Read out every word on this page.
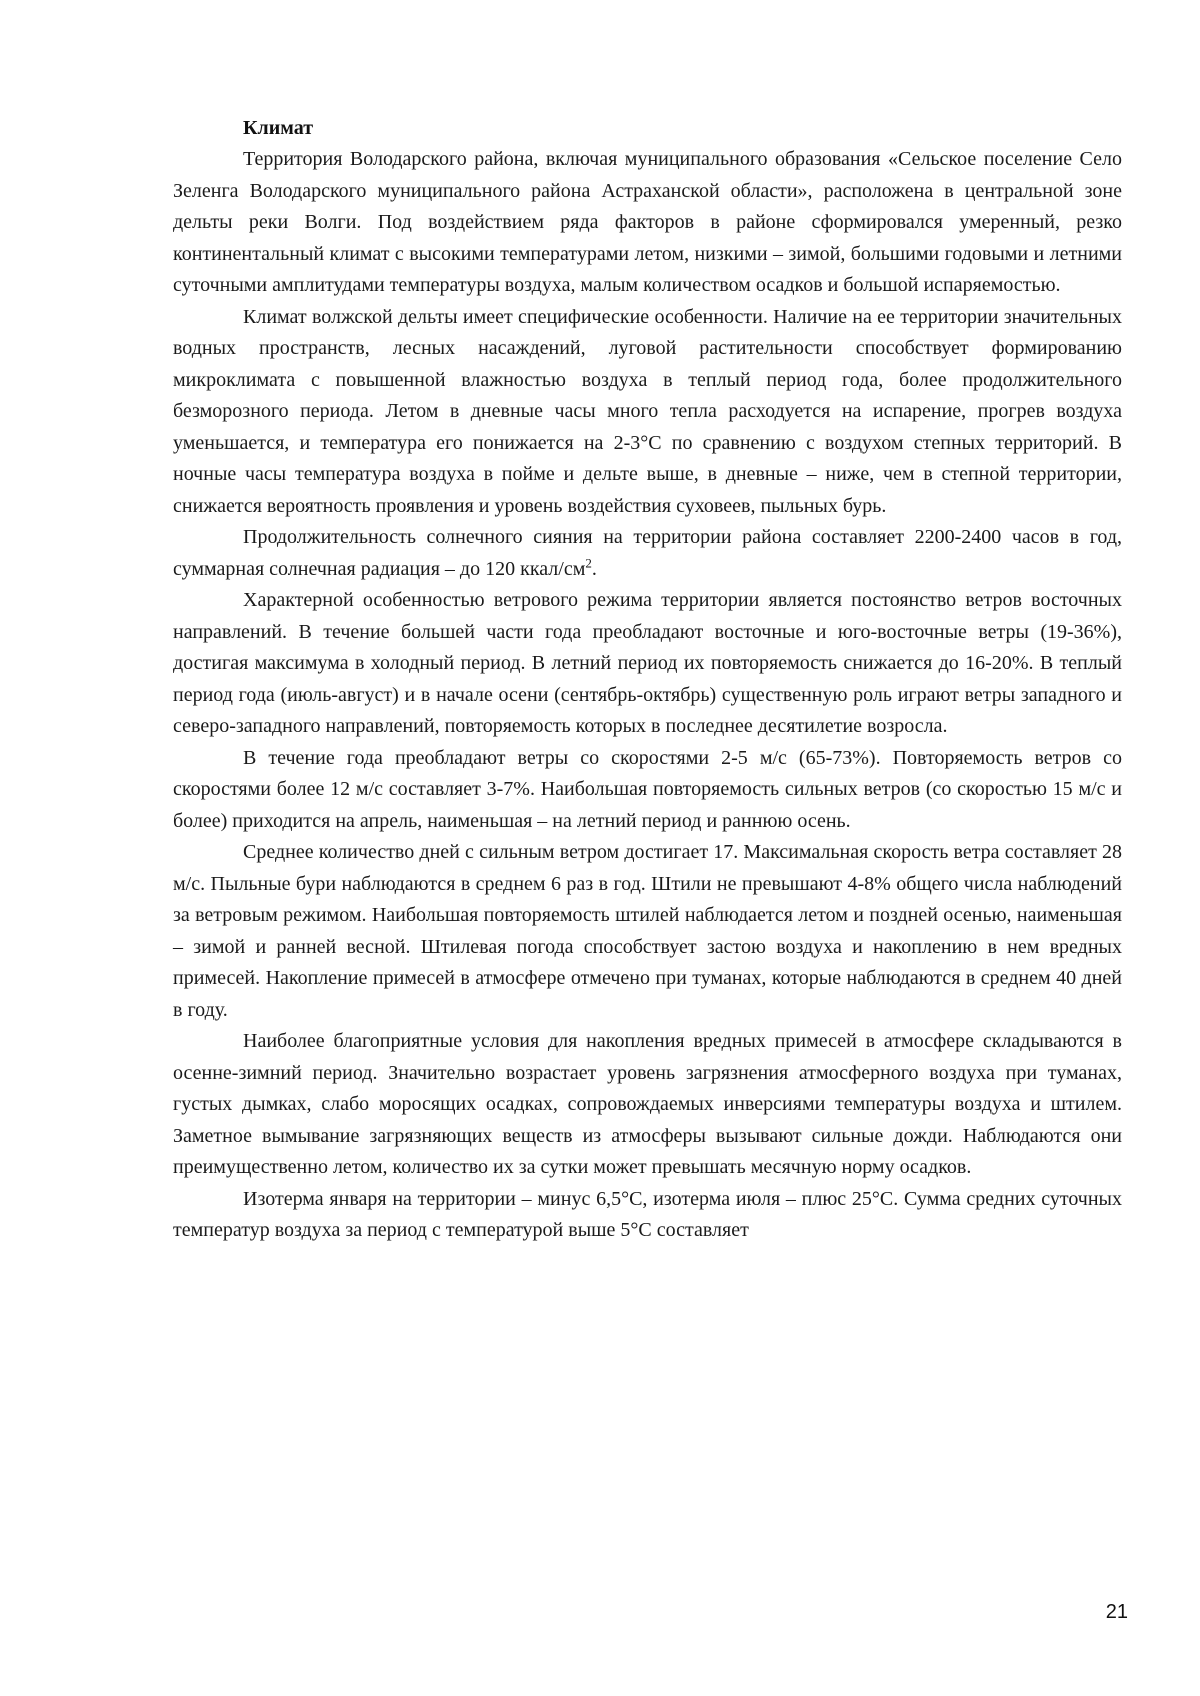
Климат

Территория Володарского района, включая муниципального образования «Сельское поселение Село Зеленга Володарского муниципального района Астраханской области», расположена в центральной зоне дельты реки Волги. Под воздействием ряда факторов в районе сформировался умеренный, резко континентальный климат с высокими температурами летом, низкими – зимой, большими годовыми и летними суточными амплитудами температуры воздуха, малым количеством осадков и большой испаряемостью.

Климат волжской дельты имеет специфические особенности. Наличие на ее территории значительных водных пространств, лесных насаждений, луговой растительности способствует формированию микроклимата с повышенной влажностью воздуха в теплый период года, более продолжительного безморозного периода. Летом в дневные часы много тепла расходуется на испарение, прогрев воздуха уменьшается, и температура его понижается на 2-3°С по сравнению с воздухом степных территорий. В ночные часы температура воздуха в пойме и дельте выше, в дневные – ниже, чем в степной территории, снижается вероятность проявления и уровень воздействия суховеев, пыльных бурь.

Продолжительность солнечного сияния на территории района составляет 2200-2400 часов в год, суммарная солнечная радиация – до 120 ккал/$см^2$.

Характерной особенностью ветрового режима территории является постоянство ветров восточных направлений. В течение большей части года преобладают восточные и юго-восточные ветры (19-36%), достигая максимума в холодный период. В летний период их повторяемость снижается до 16-20%. В теплый период года (июль-август) и в начале осени (сентябрь-октябрь) существенную роль играют ветры западного и северо-западного направлений, повторяемость которых в последнее десятилетие возросла.

В течение года преобладают ветры со скоростями 2-5 м/с (65-73%). Повторяемость ветров со скоростями более 12 м/с составляет 3-7%. Наибольшая повторяемость сильных ветров (со скоростью 15 м/с и более) приходится на апрель, наименьшая – на летний период и раннюю осень.

Среднее количество дней с сильным ветром достигает 17. Максимальная скорость ветра составляет 28 м/с. Пыльные бури наблюдаются в среднем 6 раз в год. Штили не превышают 4-8% общего числа наблюдений за ветровым режимом. Наибольшая повторяемость штилей наблюдается летом и поздней осенью, наименьшая – зимой и ранней весной. Штилевая погода способствует застою воздуха и накоплению в нем вредных примесей. Накопление примесей в атмосфере отмечено при туманах, которые наблюдаются в среднем 40 дней в году.

Наиболее благоприятные условия для накопления вредных примесей в атмосфере складываются в осенне-зимний период. Значительно возрастает уровень загрязнения атмосферного воздуха при туманах, густых дымках, слабо моросящих осадках, сопровождаемых инверсиями температуры воздуха и штилем. Заметное вымывание загрязняющих веществ из атмосферы вызывают сильные дожди. Наблюдаются они преимущественно летом, количество их за сутки может превышать месячную норму осадков.

Изотерма января на территории – минус 6,5°С, изотерма июля – плюс 25°С. Сумма средних суточных температур воздуха за период с температурой выше 5°С составляет

21
